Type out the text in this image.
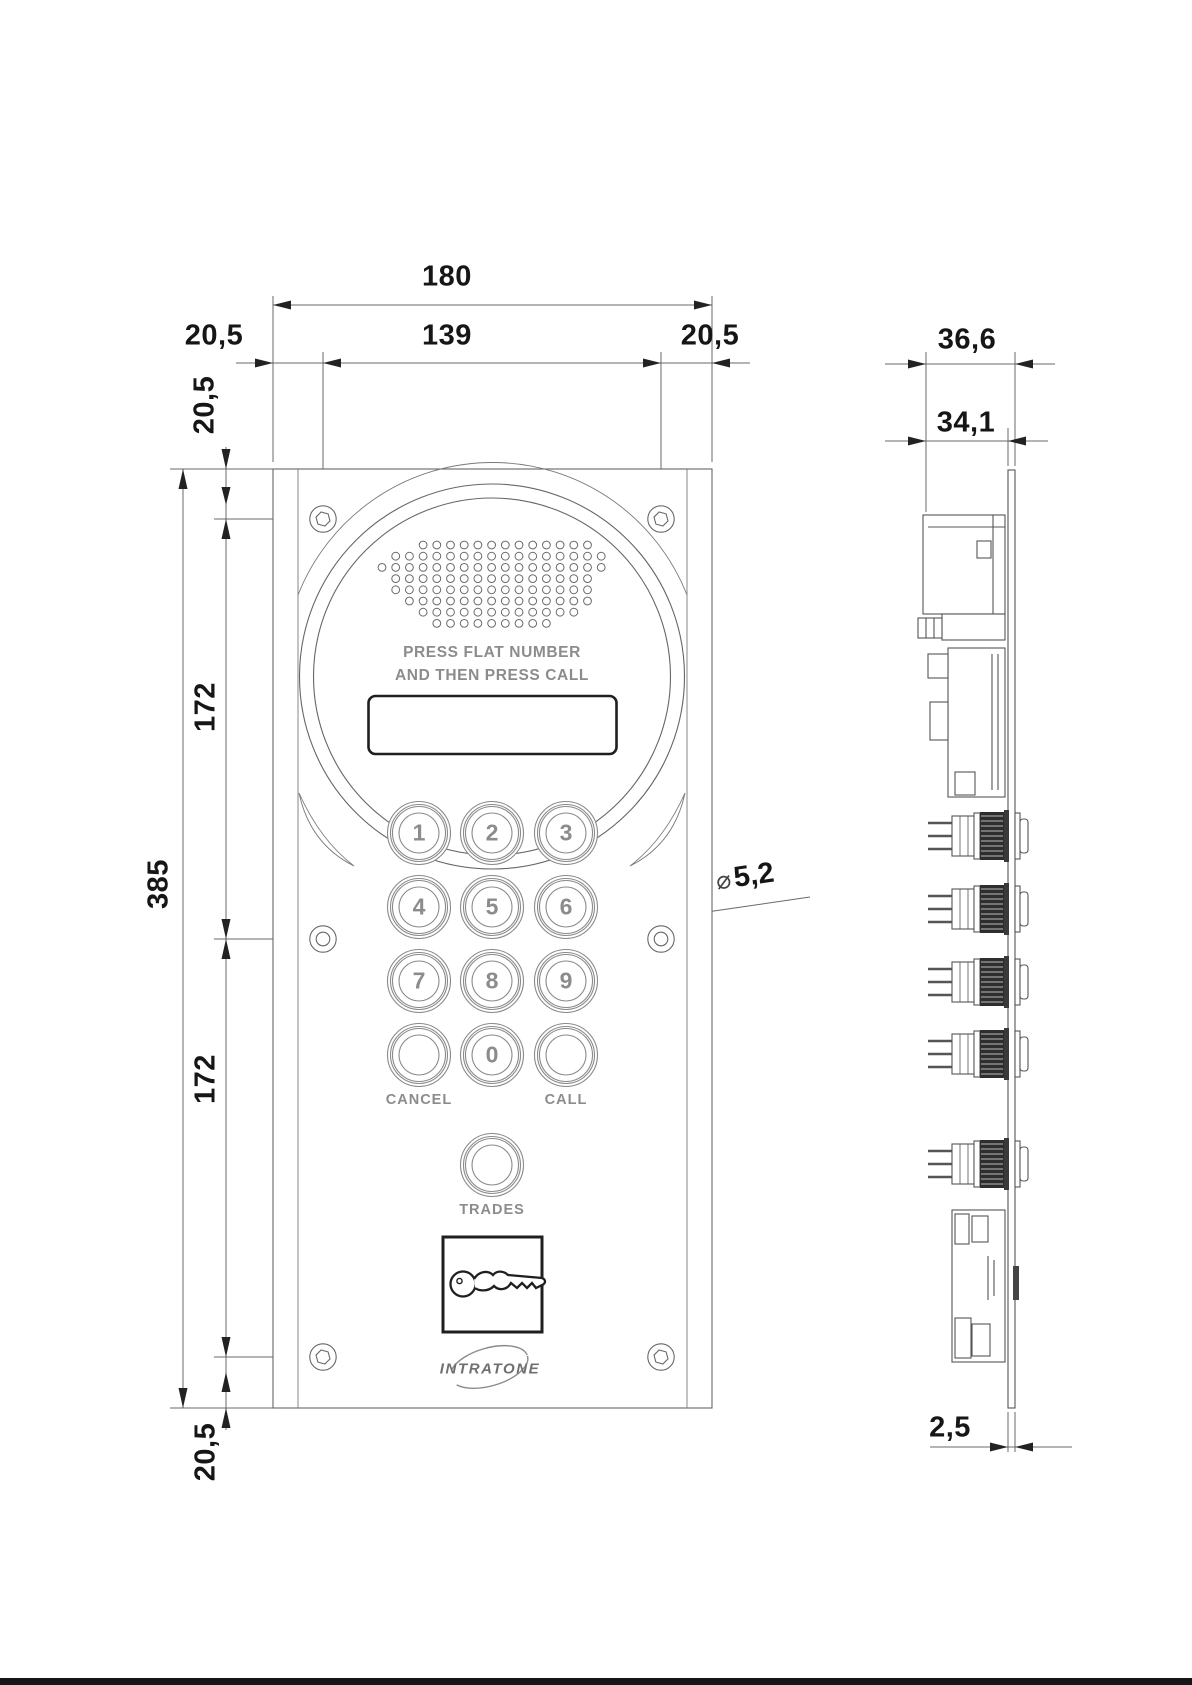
PRESS FLAT NUMBER
AND THEN PRESS CALL
1	2	3
4	5	6
7	8	9
0
CANCEL	CALL
TRADES
INTRATONE
180
139
20,5	20,5
20,5
172
385
172
20,5
36,6
34,1
2,5
⌀5,2
